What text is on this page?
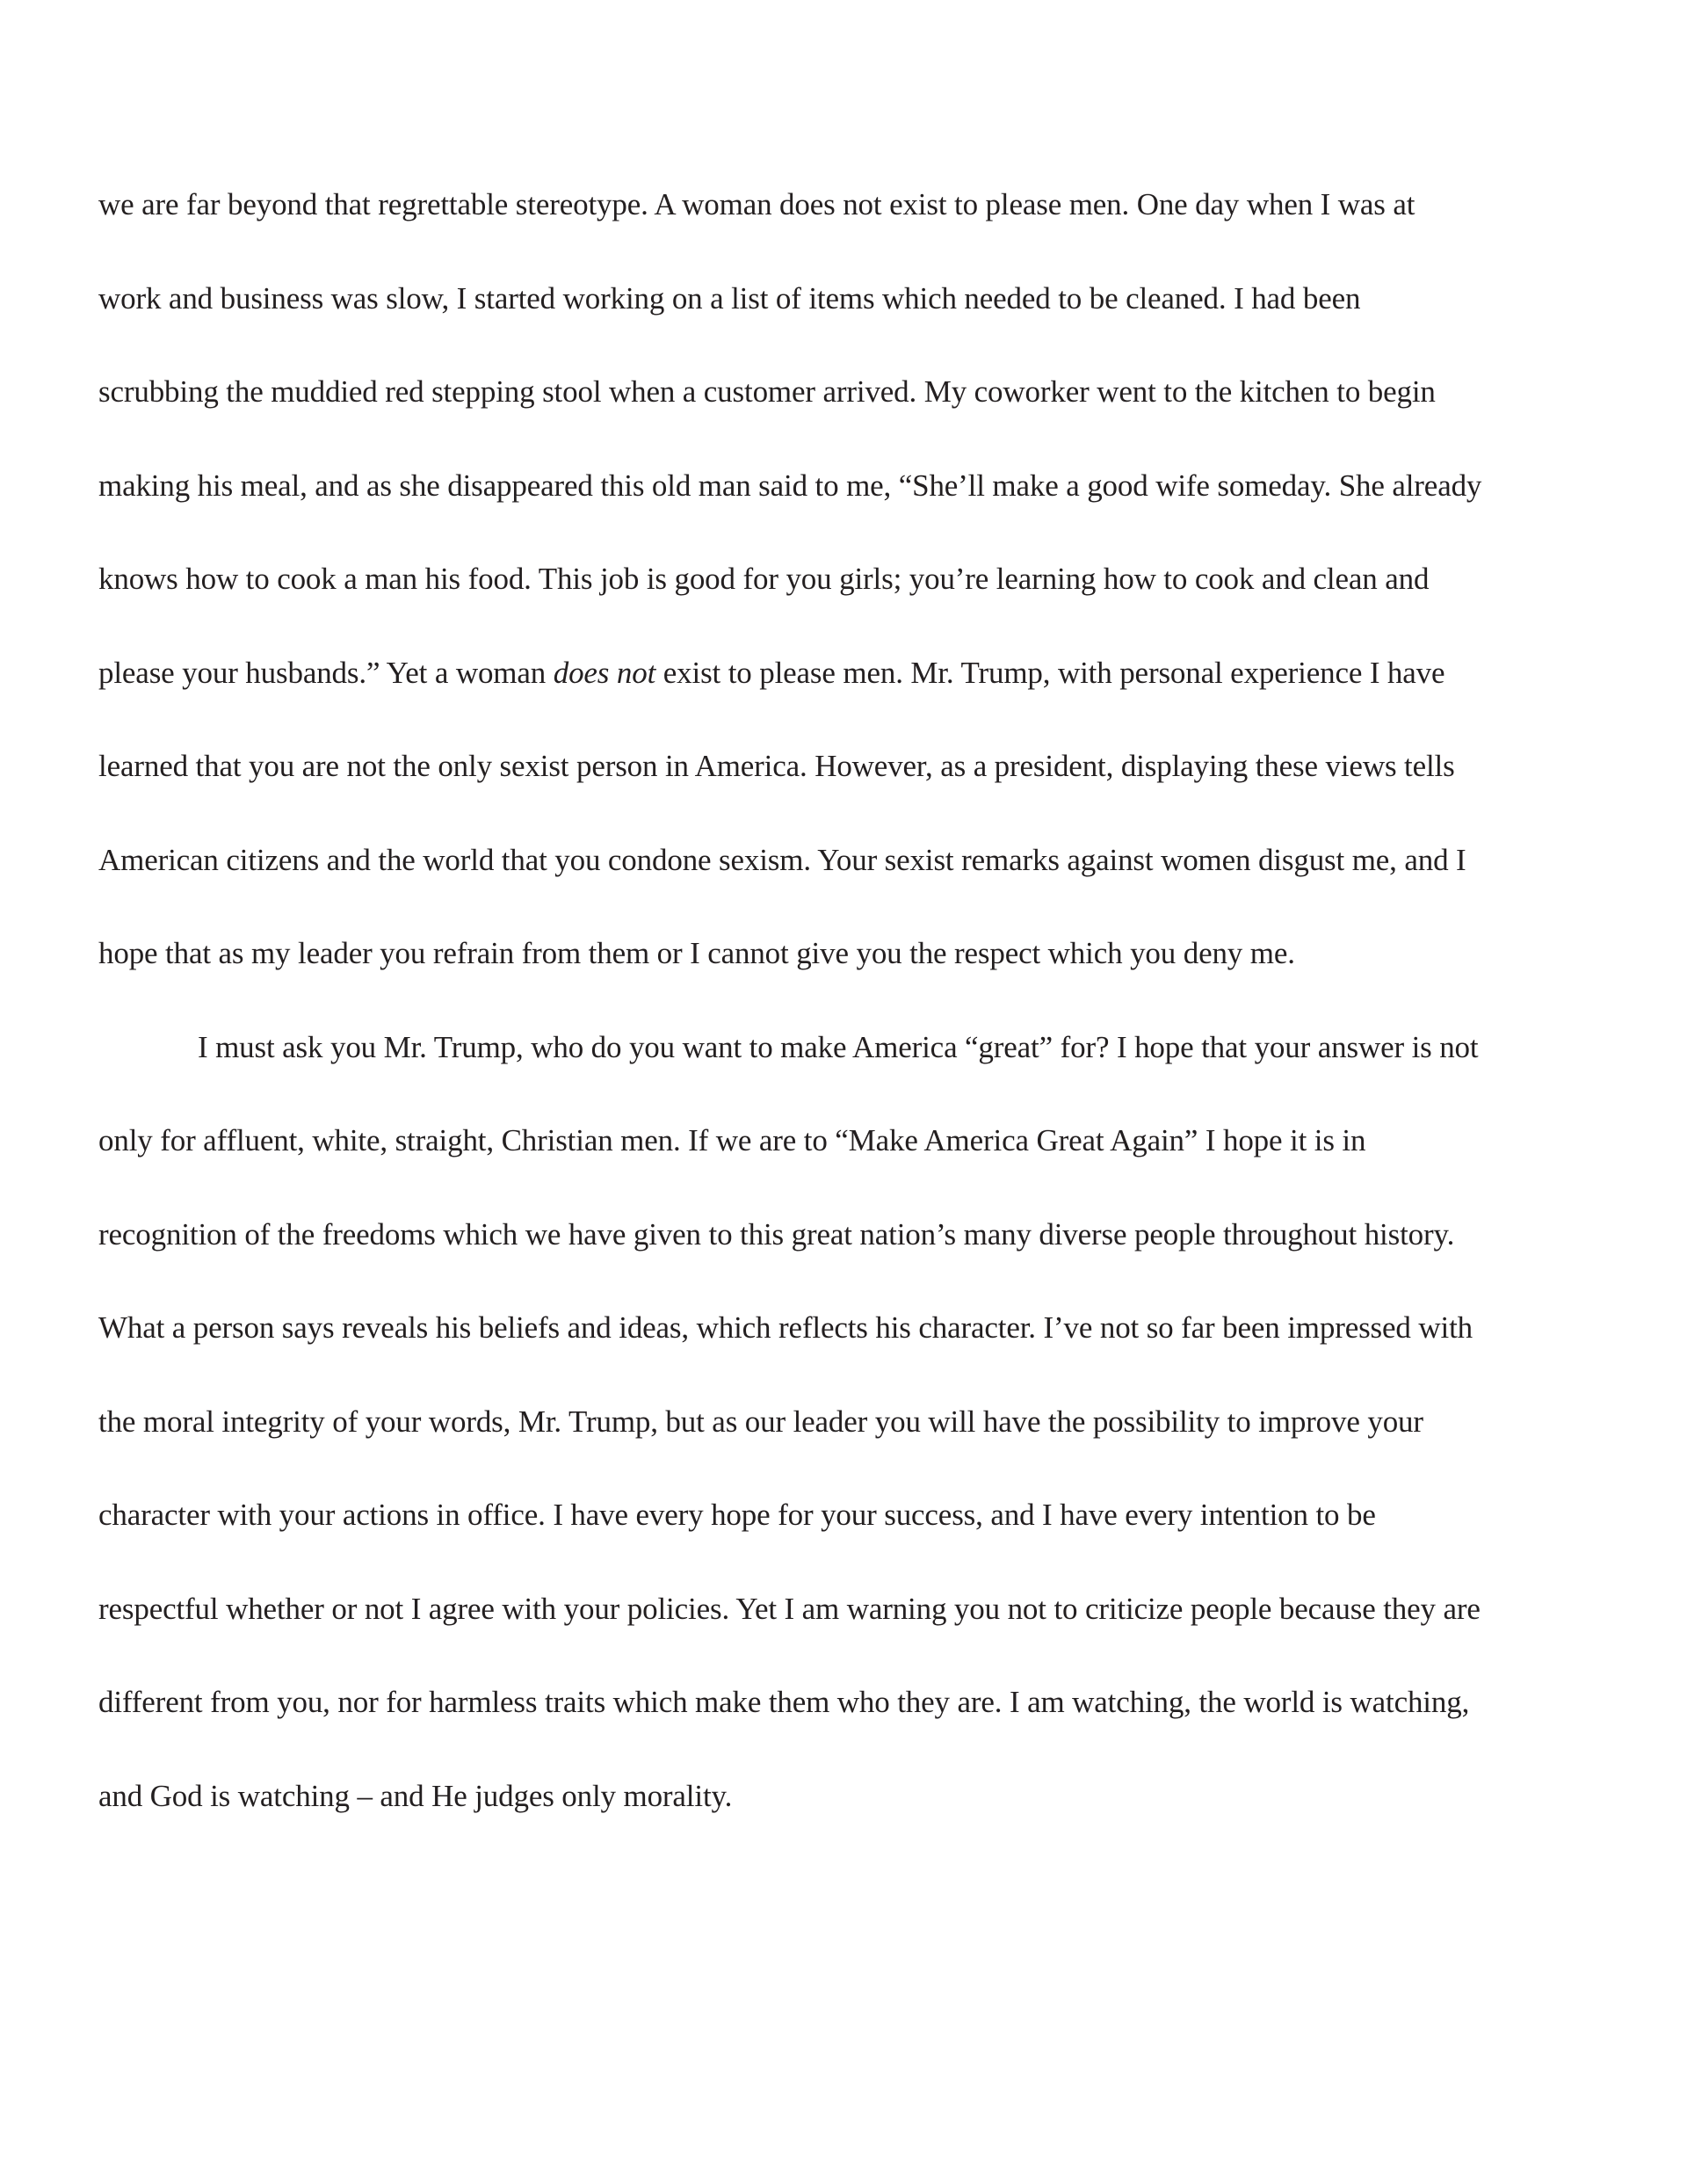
we are far beyond that regrettable stereotype. A woman does not exist to please men. One day when I was at
work and business was slow, I started working on a list of items which needed to be cleaned. I had been
scrubbing the muddied red stepping stool when a customer arrived. My coworker went to the kitchen to begin
making his meal, and as she disappeared this old man said to me, “She’ll make a good wife someday. She already
knows how to cook a man his food. This job is good for you girls; you’re learning how to cook and clean and
please your husbands.” Yet a woman does not exist to please men. Mr. Trump, with personal experience I have
learned that you are not the only sexist person in America. However, as a president, displaying these views tells
American citizens and the world that you condone sexism. Your sexist remarks against women disgust me, and I
hope that as my leader you refrain from them or I cannot give you the respect which you deny me.
I must ask you Mr. Trump, who do you want to make America “great” for? I hope that your answer is not
only for affluent, white, straight, Christian men. If we are to “Make America Great Again” I hope it is in
recognition of the freedoms which we have given to this great nation’s many diverse people throughout history.
What a person says reveals his beliefs and ideas, which reflects his character. I’ve not so far been impressed with
the moral integrity of your words, Mr. Trump, but as our leader you will have the possibility to improve your
character with your actions in office. I have every hope for your success, and I have every intention to be
respectful whether or not I agree with your policies. Yet I am warning you not to criticize people because they are
different from you, nor for harmless traits which make them who they are. I am watching, the world is watching,
and God is watching – and He judges only morality.
